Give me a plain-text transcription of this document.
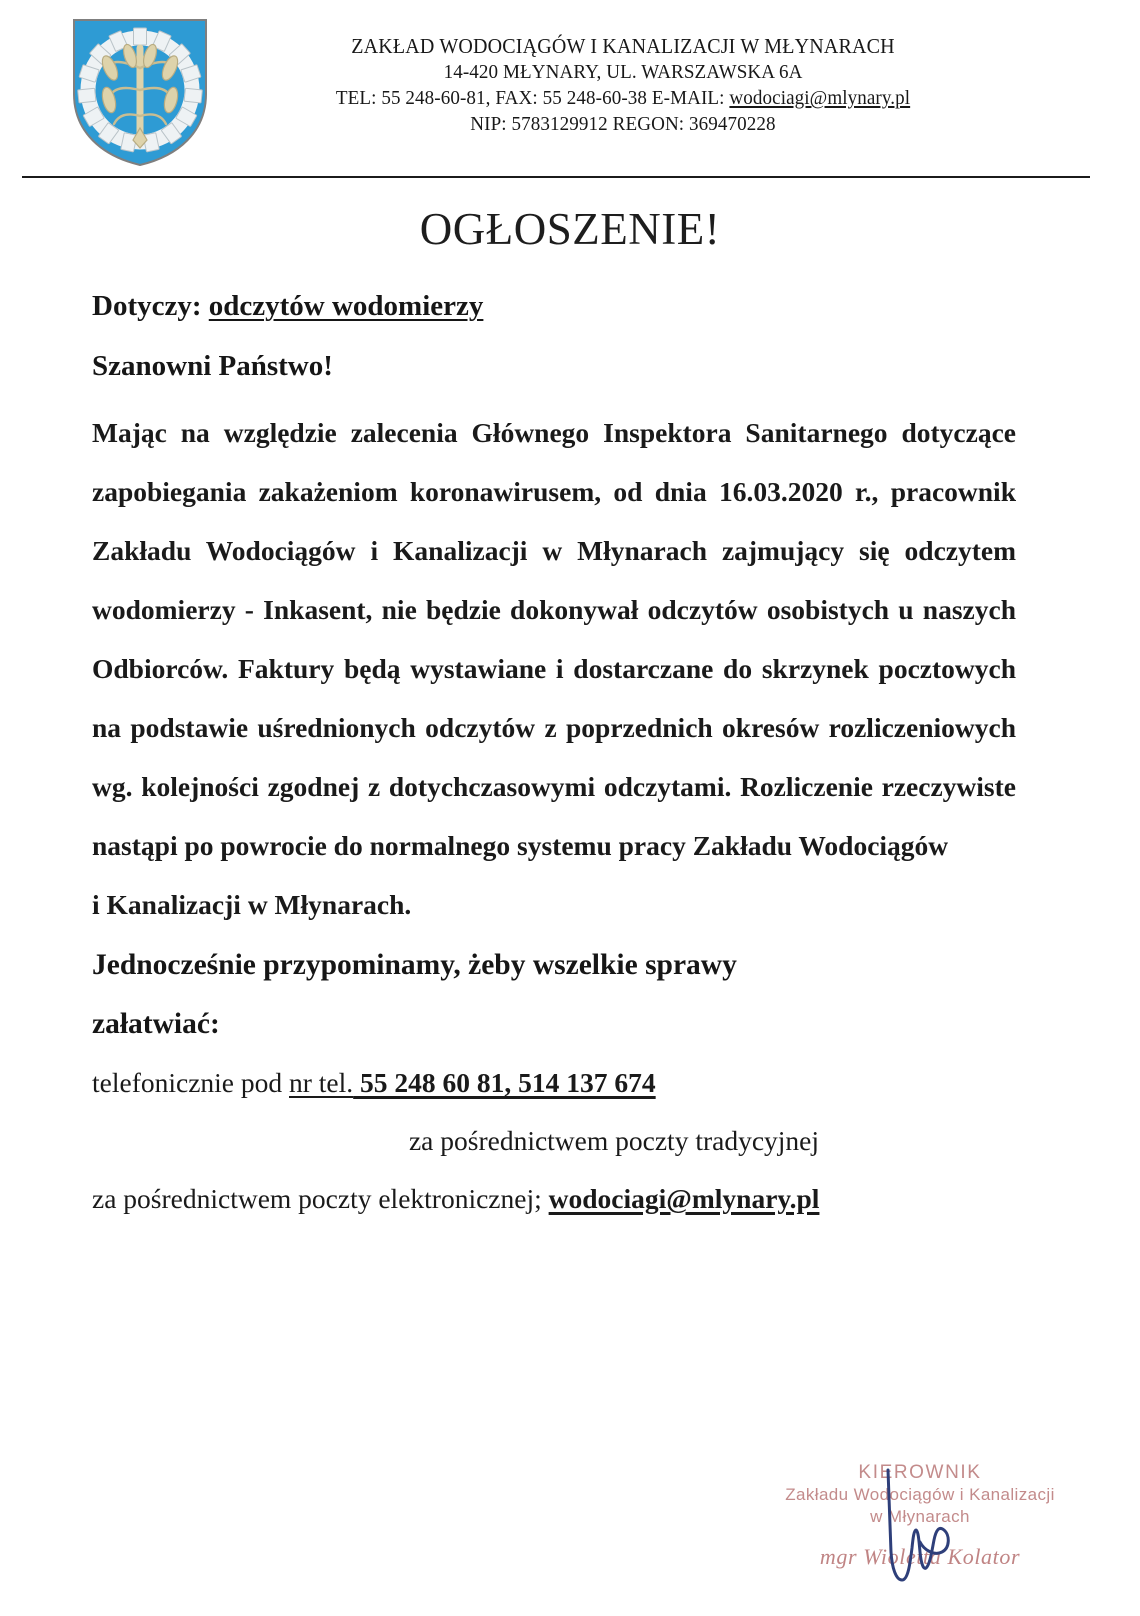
ZAKŁAD WODOCIĄGÓW I KANALIZACJI W MŁYNARACH
14-420 MŁYNARY, UL. WARSZAWSKA 6A
TEL: 55 248-60-81, FAX: 55 248-60-38 E-MAIL: wodociagi@mlynary.pl
NIP: 5783129912 REGON: 369470228
OGŁOSZENIE!
Dotyczy: odczytów wodomierzy
Szanowni Państwo!

Mając na względzie zalecenia Głównego Inspektora Sanitarnego dotyczące zapobiegania zakażeniom koronawirusem, od dnia 16.03.2020 r., pracownik Zakładu Wodociągów i Kanalizacji w Młynarach zajmujący się odczytem wodomierzy - Inkasent, nie będzie dokonywał odczytów osobistych u naszych Odbiorców. Faktury będą wystawiane i dostarczane do skrzynek pocztowych na podstawie uśrednionych odczytów z poprzednich okresów rozliczeniowych wg. kolejności zgodnej z dotychczasowymi odczytami. Rozliczenie rzeczywiste nastąpi po powrocie do normalnego systemu pracy Zakładu Wodociągów

i Kanalizacji w Młynarach.

Jednocześnie przypominamy, żeby wszelkie sprawy
załatwiać:
telefonicznie pod nr tel. 55 248 60 81, 514 137 674
za pośrednictwem poczty tradycyjnej
za pośrednictwem poczty elektronicznej; wodociagi@mlynary.pl
KIEROWNIK
Zakładu Wodociągów i Kanalizacji
w Młynarach
mgr Wioletta Kolator
